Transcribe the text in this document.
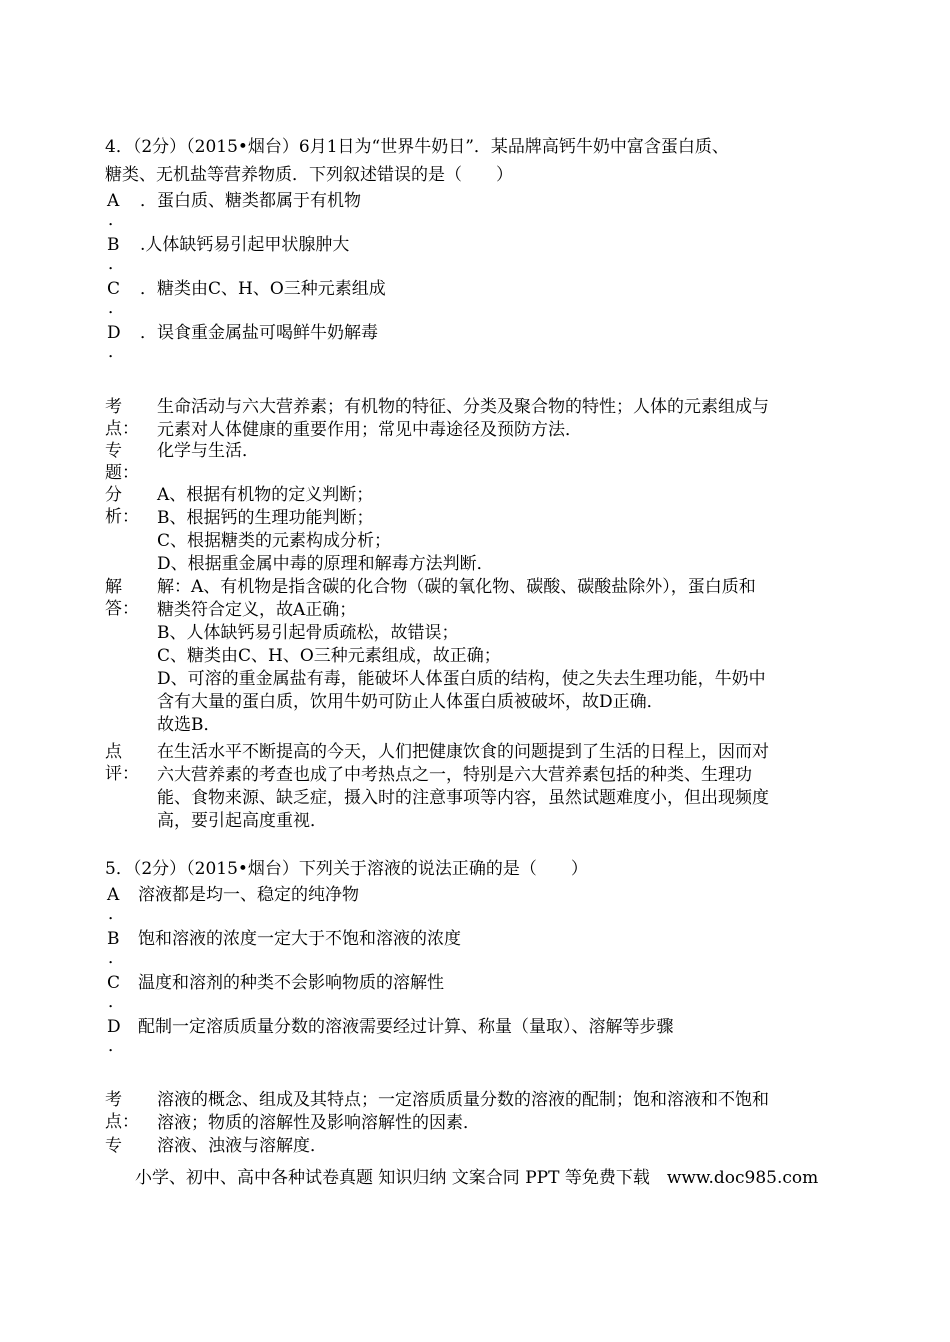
4．（2分）（2015•烟台）6月1日为“世界牛奶日”．某品牌高钙牛奶中富含蛋白质、
糖类、无机盐等营养物质．下列叙述错误的是（　　）
A
．
．蛋白质、糖类都属于有机物
B
．
.人体缺钙易引起甲状腺肿大
C
．
．糖类由C、H、O三种元素组成
D
．
．误食重金属盐可喝鲜牛奶解毒
考
点：
生命活动与六大营养素；有机物的特征、分类及聚合物的特性；人体的元素组成与
元素对人体健康的重要作用；常见中毒途径及预防方法．
专
题：
化学与生活．
分
析：
A、根据有机物的定义判断；
B、根据钙的生理功能判断；
C、根据糖类的元素构成分析；
D、根据重金属中毒的原理和解毒方法判断．
解
答：
解：A、有机物是指含碳的化合物（碳的氧化物、碳酸、碳酸盐除外），蛋白质和
糖类符合定义，故A正确；
B、人体缺钙易引起骨质疏松，故错误；
C、糖类由C、H、O三种元素组成，故正确；
D、可溶的重金属盐有毒，能破坏人体蛋白质的结构，使之失去生理功能，牛奶中
含有大量的蛋白质，饮用牛奶可防止人体蛋白质被破坏，故D正确．
故选B．
点
评：
在生活水平不断提高的今天，人们把健康饮食的问题提到了生活的日程上，因而对
六大营养素的考查也成了中考热点之一，特别是六大营养素包括的种类、生理功
能、食物来源、缺乏症，摄入时的注意事项等内容，虽然试题难度小，但出现频度
高，要引起高度重视．
5．（2分）（2015•烟台）下列关于溶液的说法正确的是（　　）
A
．
溶液都是均一、稳定的纯净物
B
．
饱和溶液的浓度一定大于不饱和溶液的浓度
C
．
温度和溶剂的种类不会影响物质的溶解性
D
．
配制一定溶质质量分数的溶液需要经过计算、称量（量取）、溶解等步骤
考
点：
溶液的概念、组成及其特点；一定溶质质量分数的溶液的配制；饱和溶液和不饱和
溶液；物质的溶解性及影响溶解性的因素．
专	溶液、浊液与溶解度．
小学、初中、高中各种试卷真题 知识归纳 文案合同 PPT 等免费下载　www.doc985.com
